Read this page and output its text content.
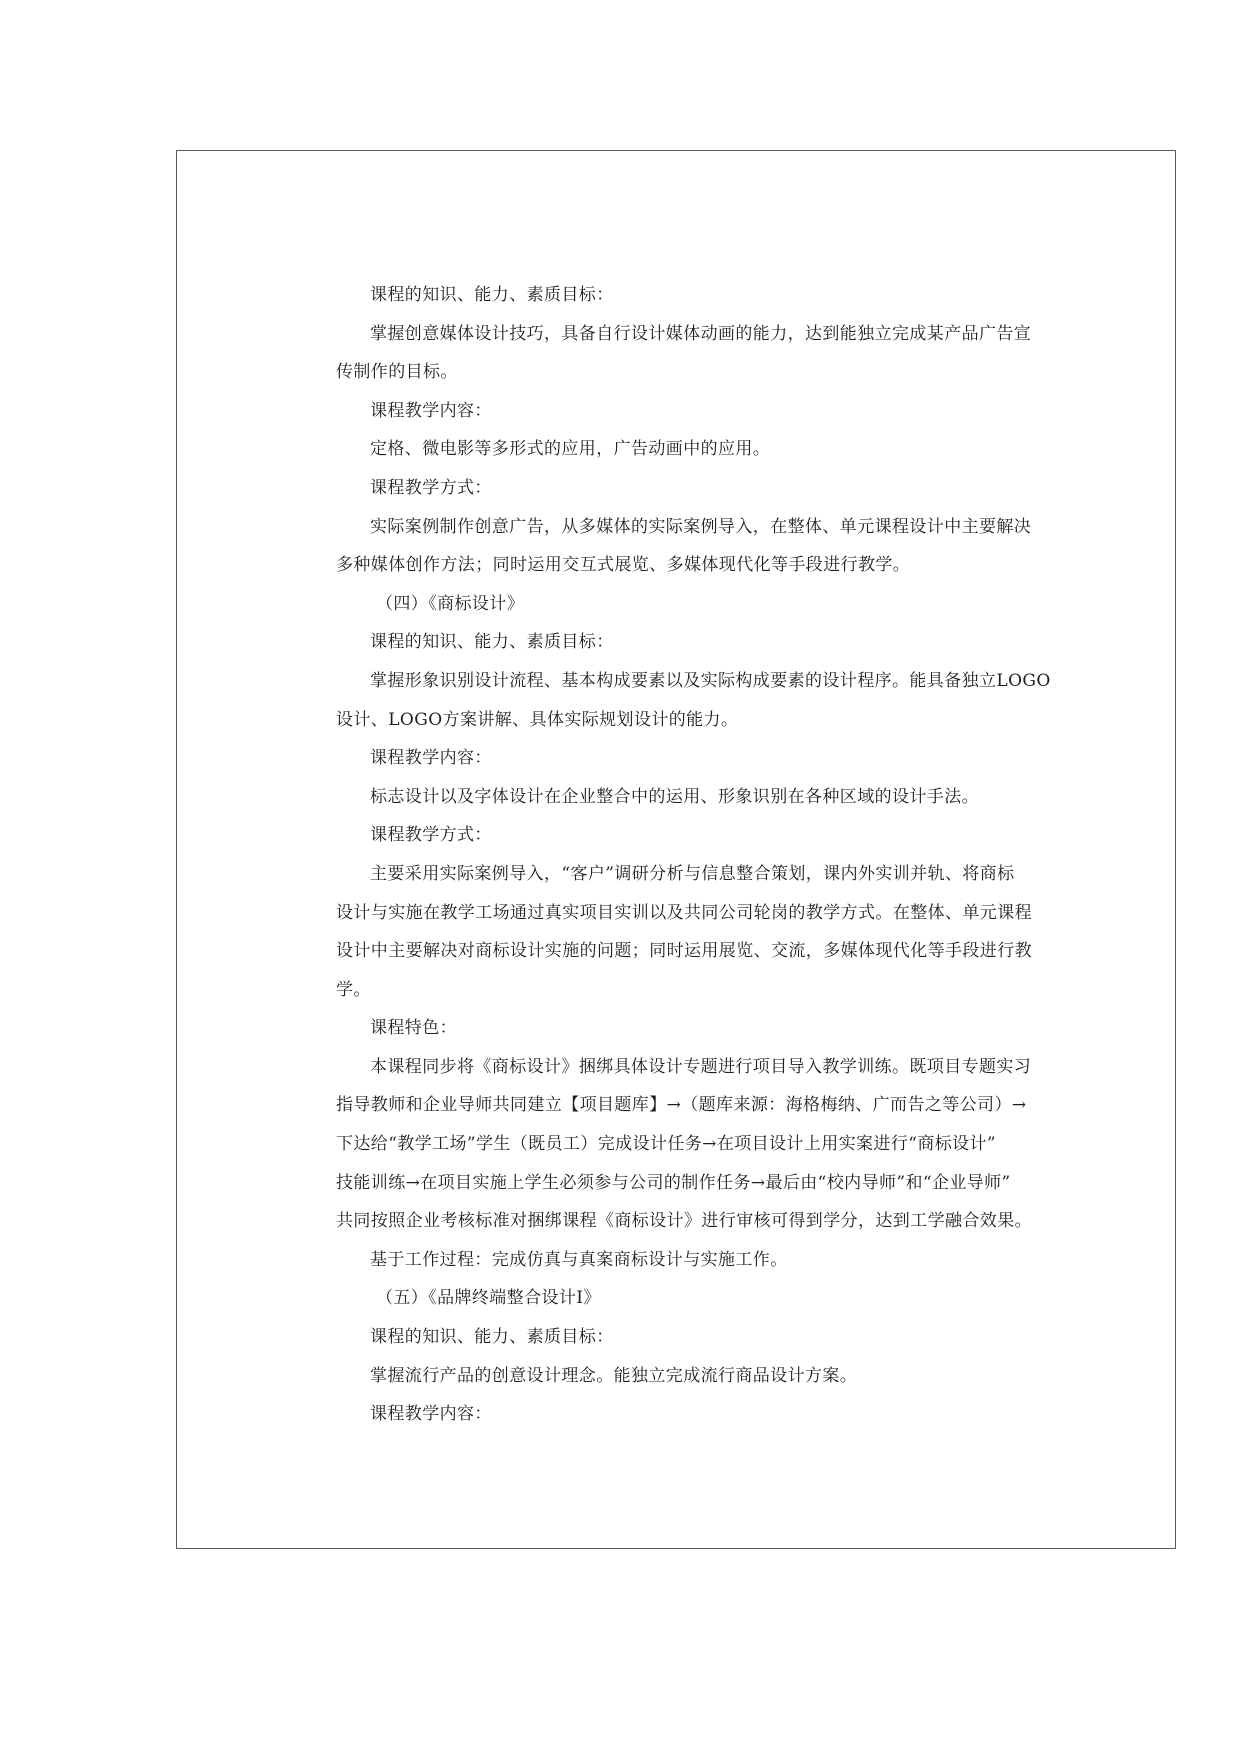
课程的知识、能力、素质目标：
掌握创意媒体设计技巧，具备自行设计媒体动画的能力，达到能独立完成某产品广告宣
传制作的目标。
课程教学内容：
定格、微电影等多形式的应用，广告动画中的应用。
课程教学方式：
实际案例制作创意广告，从多媒体的实际案例导入，在整体、单元课程设计中主要解决
多种媒体创作方法；同时运用交互式展览、多媒体现代化等手段进行教学。
（四）《商标设计》
课程的知识、能力、素质目标：
掌握形象识别设计流程、基本构成要素以及实际构成要素的设计程序。能具备独立LOGO
设计、LOGO方案讲解、具体实际规划设计的能力。
课程教学内容：
标志设计以及字体设计在企业整合中的运用、形象识别在各种区域的设计手法。
课程教学方式：
主要采用实际案例导入，“客户”调研分析与信息整合策划，课内外实训并轨、将商标
设计与实施在教学工场通过真实项目实训以及共同公司轮岗的教学方式。在整体、单元课程
设计中主要解决对商标设计实施的问题；同时运用展览、交流，多媒体现代化等手段进行教
学。
课程特色：
本课程同步将《商标设计》捆绑具体设计专题进行项目导入教学训练。既项目专题实习
指导教师和企业导师共同建立【项目题库】→（题库来源：海格梅纳、广而告之等公司）→
下达给“教学工场”学生（既员工）完成设计任务→在项目设计上用实案进行“商标设计”
技能训练→在项目实施上学生必须参与公司的制作任务→最后由“校内导师”和“企业导师”
共同按照企业考核标准对捆绑课程《商标设计》进行审核可得到学分，达到工学融合效果。
基于工作过程：完成仿真与真案商标设计与实施工作。
（五）《品牌终端整合设计Ⅰ》
课程的知识、能力、素质目标：
掌握流行产品的创意设计理念。能独立完成流行商品设计方案。
课程教学内容：
